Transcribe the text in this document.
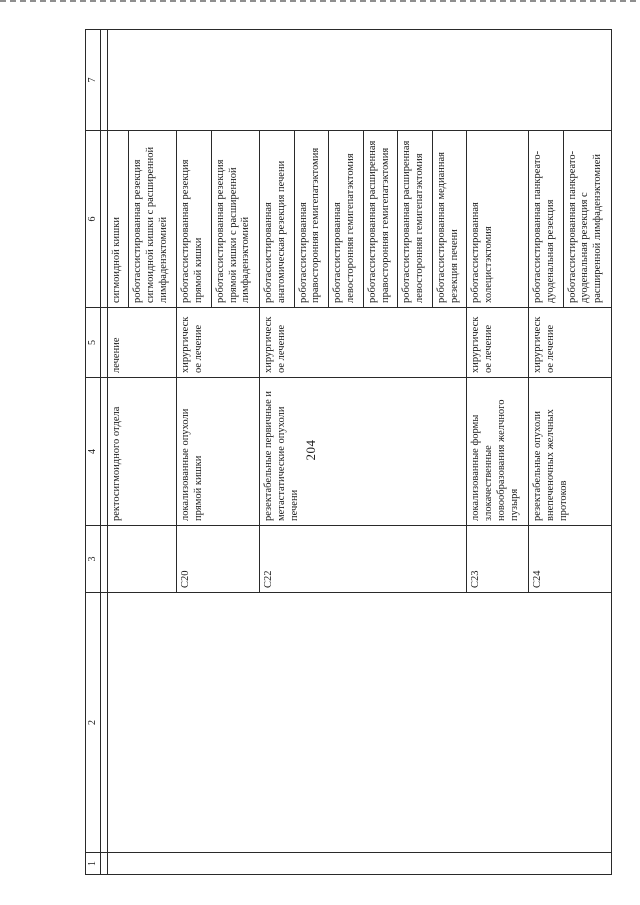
204
1	2	3	4	5	6	7

			ректосигмоидного отдела	лечение	сигмоидной кишки	
					роботассистированная резекция сигмоидной кишки с расширенной лимфаденэктомией	
		C20	локализованные опухоли прямой кишки	хирургическое лечение	роботассистированная резекция прямой кишки	
					роботассистированная резекция прямой кишки с расширенной лимфаденэктомией	
		C22	резектабельные первичные и метастатические опухоли печени	хирургическое лечение	роботассистированная анатомическая резекция печени	
					роботассистированная правосторонняя гемигепатэктомия	
					роботассистированная левосторонняя гемигепатэктомия	
					роботассистированная расширенная правосторонняя гемигепатэктомия	
					роботассистированная расширенная левосторонняя гемигепатэктомия	
					роботассистированная медианная резекция печени	
		C23	локализованные формы злокачественные новообразования желчного пузыря	хирургическое лечение	роботассистированная холецистэктомия	
		C24	резектабельные опухоли внепеченочных желчных протоков	хирургическое лечение	роботассистированная панкреато-дуоденальная резекция	
					роботассистированная панкреато-дуоденальная резекция с расширенной лимфаденэктомией	
